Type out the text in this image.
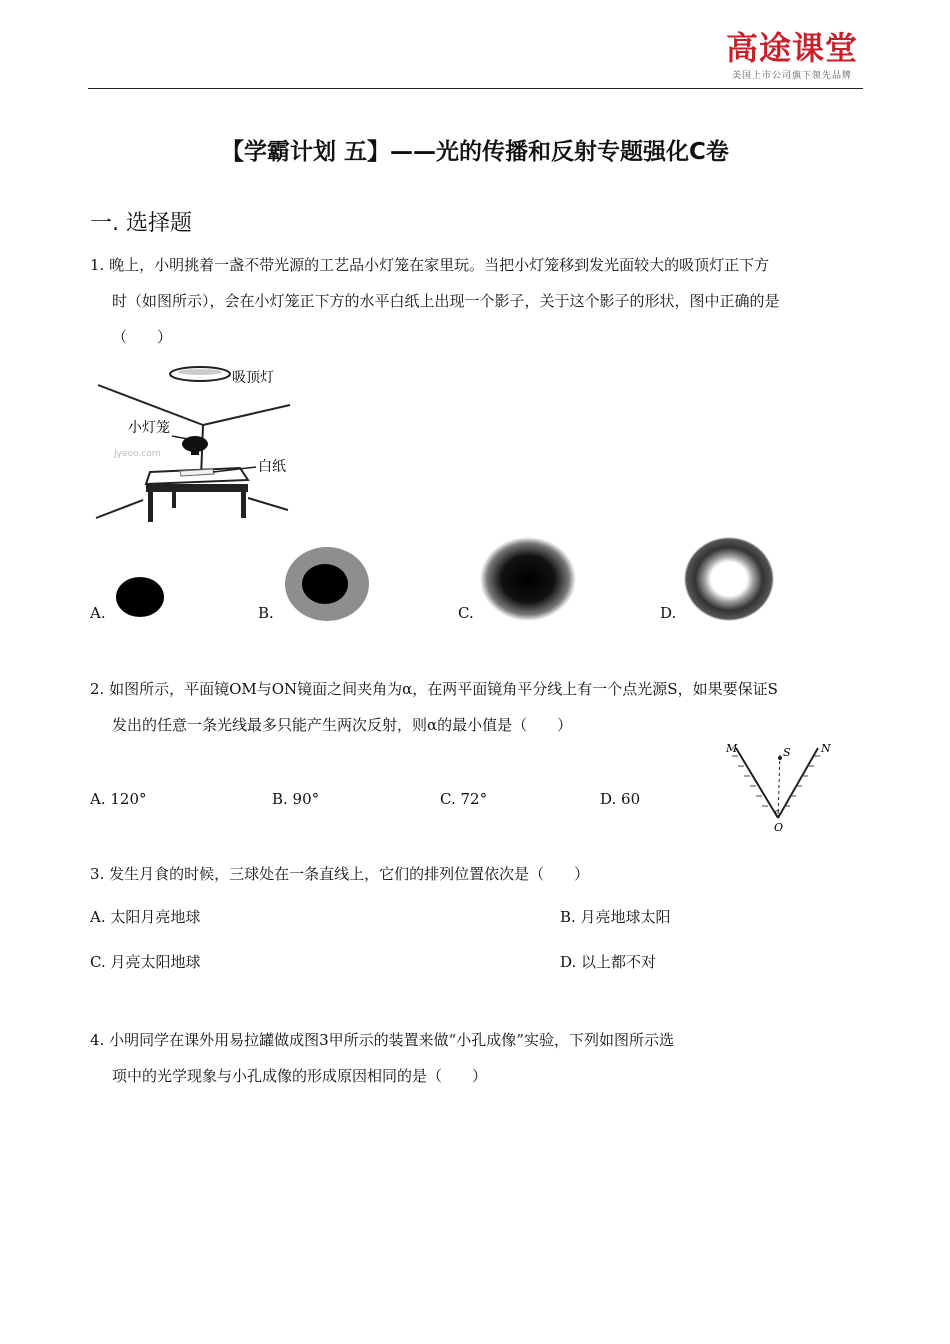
高途课堂
美国上市公司旗下领先品牌
【学霸计划 五】——光的传播和反射专题强化C卷
一. 选择题
1. 晚上，小明挑着一盏不带光源的工艺品小灯笼在家里玩。当把小灯笼移到发光面较大的吸顶灯正下方
时（如图所示），会在小灯笼正下方的水平白纸上出现一个影子，关于这个影子的形状，图中正确的是
（　　）
吸顶灯
小灯笼
Jyeoo.com
白纸
A.	B.	C.	D.
2. 如图所示，平面镜OM与ON镜面之间夹角为α，在两平面镜角平分线上有一个点光源S，如果要保证S
发出的任意一条光线最多只能产生两次反射，则α的最小值是（　　）
A. 120°	B. 90°	C. 72°	D. 60
M	S	N
O
α
3. 发生月食的时候，三球处在一条直线上，它们的排列位置依次是（　　）
A. 太阳月亮地球	B. 月亮地球太阳
C. 月亮太阳地球	D. 以上都不对
4. 小明同学在课外用易拉罐做成图3甲所示的装置来做“小孔成像”实验，下列如图所示选
项中的光学现象与小孔成像的形成原因相同的是（　　）
